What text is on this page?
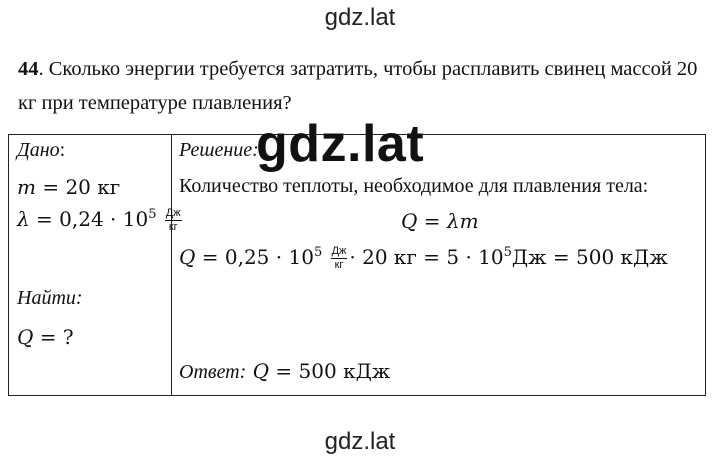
gdz.lat
44. Сколько энергии требуется затратить, чтобы расплавить свинец массой 20 кг при температуре плавления?
Дано:
m = 20 кг
$\lambda = 0,24 \cdot 10^5 \frac{Дж}{кг}$
Найти:
Q = ?
Решение:
Количество теплоты, необходимое для плавления тела:
Q = λm
$Q = 0,25 \cdot 10^5 \frac{Дж}{кг} \cdot 20$ кг = $5 \cdot 10^5Дж = 500$ кДж
Ответ: Q = 500 кДж
gdz.lat
gdz.lat
